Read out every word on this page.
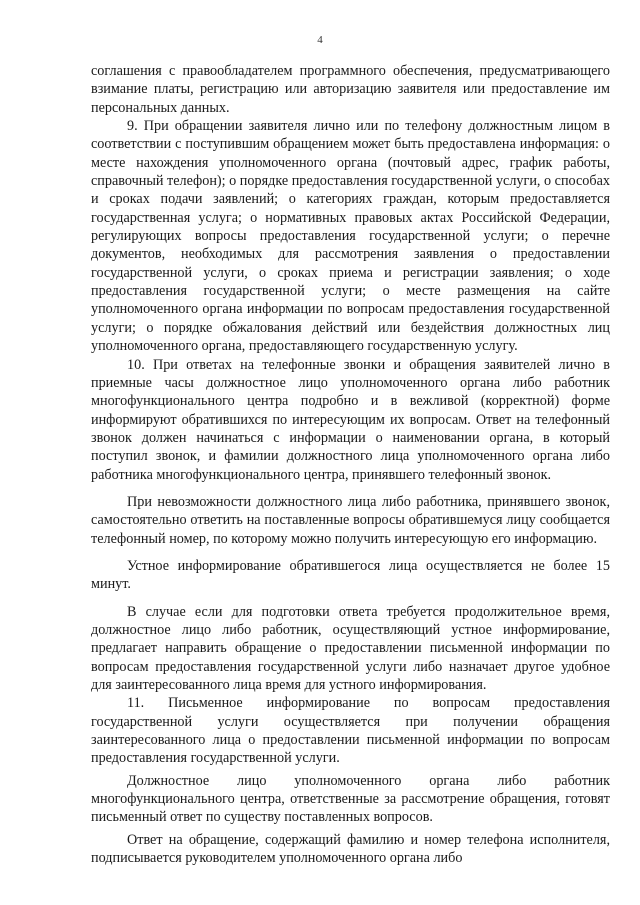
4

соглашения с правообладателем программного обеспечения, предусматривающего взимание платы, регистрацию или авторизацию заявителя или предоставление им персональных данных.

9. При обращении заявителя лично или по телефону должностным лицом в соответствии с поступившим обращением может быть предоставлена информация: о месте нахождения уполномоченного органа (почтовый адрес, график работы, справочный телефон); о порядке предоставления государственной услуги, о способах и сроках подачи заявлений; о категориях граждан, которым предоставляется государственная услуга; о нормативных правовых актах Российской Федерации, регулирующих вопросы предоставления государственной услуги; о перечне документов, необходимых для рассмотрения заявления о предоставлении государственной услуги, о сроках приема и регистрации заявления; о ходе предоставления государственной услуги; о месте размещения на сайте уполномоченного органа информации по вопросам предоставления государственной услуги; о порядке обжалования действий или бездействия должностных лиц уполномоченного органа, предоставляющего государственную услугу.

10. При ответах на телефонные звонки и обращения заявителей лично в приемные часы должностное лицо уполномоченного органа либо работник многофункционального центра подробно и в вежливой (корректной) форме информируют обратившихся по интересующим их вопросам. Ответ на телефонный звонок должен начинаться с информации о наименовании органа, в который поступил звонок, и фамилии должностного лица уполномоченного органа либо работника многофункционального центра, принявшего телефонный звонок.

При невозможности должностного лица либо работника, принявшего звонок, самостоятельно ответить на поставленные вопросы обратившемуся лицу сообщается телефонный номер, по которому можно получить интересующую его информацию.

Устное информирование обратившегося лица осуществляется не более 15 минут.

В случае если для подготовки ответа требуется продолжительное время, должностное лицо либо работник, осуществляющий устное информирование, предлагает направить обращение о предоставлении письменной информации по вопросам предоставления государственной услуги либо назначает другое удобное для заинтересованного лица время для устного информирования.

11. Письменное информирование по вопросам предоставления государственной услуги осуществляется при получении обращения заинтересованного лица о предоставлении письменной информации по вопросам предоставления государственной услуги.

Должностное лицо уполномоченного органа либо работник многофункционального центра, ответственные за рассмотрение обращения, готовят письменный ответ по существу поставленных вопросов.

Ответ на обращение, содержащий фамилию и номер телефона исполнителя, подписывается руководителем уполномоченного органа либо
